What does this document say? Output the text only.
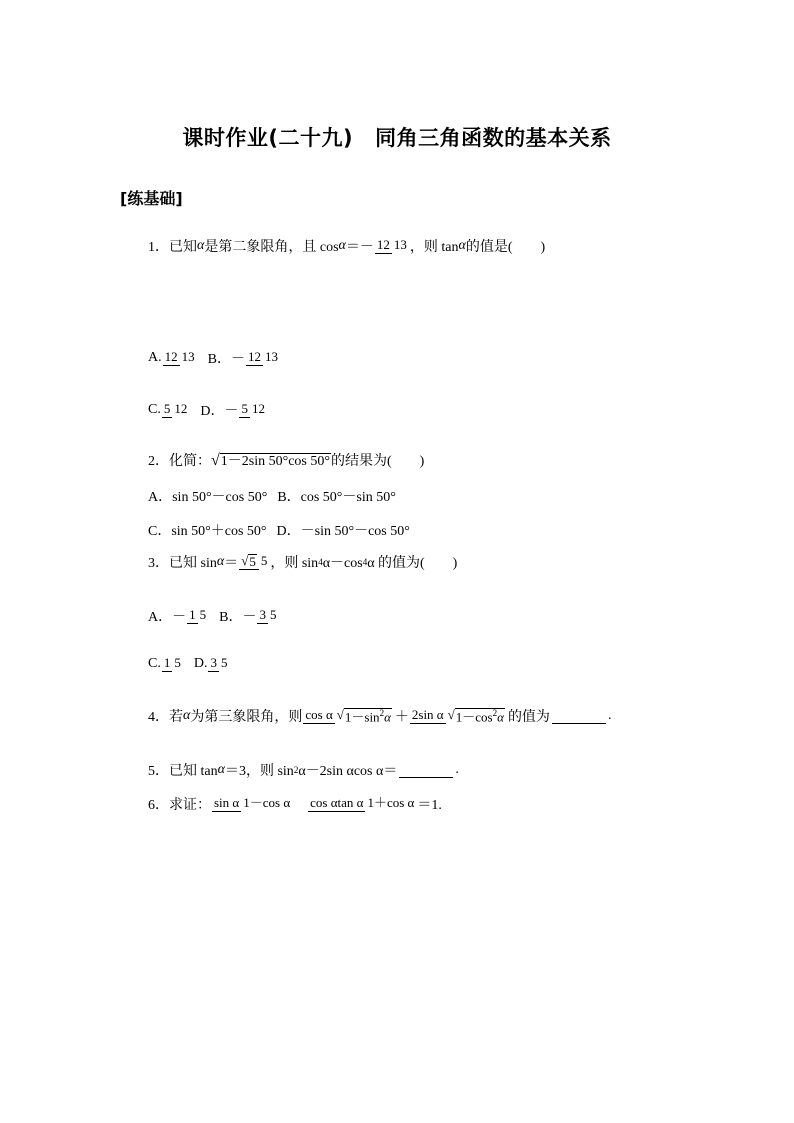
课时作业(二十九) 同角三角函数的基本关系
[练基础]
1．已知 α 是第二象限角，且 cos α ＝－ 12 13 ，则 tan α 的值是(　　)
A. 12 13 B．－ 12 13
C. 5 12 D．－ 5 12
2．化简： √1－2sin 50°cos 50° 的结果为(　　)
A．sin 50°－cos 50° B．cos 50°－sin 50°
C．sin 50°＋cos 50° D．－sin 50°－cos 50°
3．已知 sin α ＝ √ 5 5 ，则 sin 4 α－cos 4 α 的值为(　　)
A．－ 1 5 B．－ 3 5
C. 1 5 D. 3 5
4．若 α 为第三象限角，则 cos α √ $1-\sin^2\alpha + 2\sin$ α √ $1-\cos^2\alpha$ 的值为	.
5．已知 tan α ＝3，则 sin 2 α－2sin αcos α＝	.
6．求证： sin α 1－cos α cos αtan α 1＋cos α ＝1.
